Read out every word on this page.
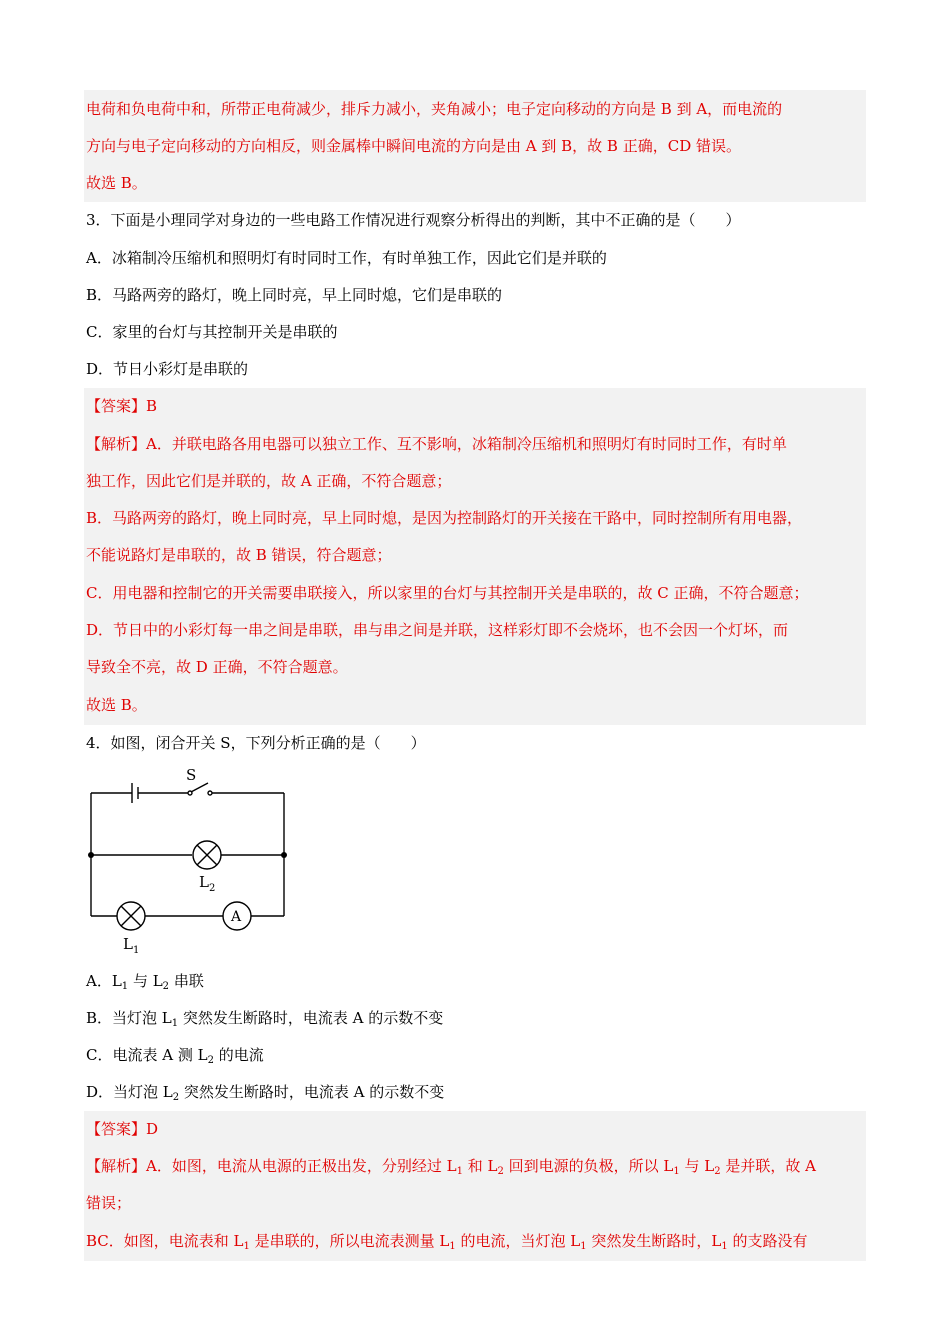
电荷和负电荷中和，所带正电荷减少，排斥力减小，夹角减小；电子定向移动的方向是 B 到 A，而电流的
方向与电子定向移动的方向相反，则金属棒中瞬间电流的方向是由 A 到 B，故 B 正确，CD 错误。
故选 B。
3．下面是小理同学对身边的一些电路工作情况进行观察分析得出的判断，其中不正确的是（　　）
A．冰箱制冷压缩机和照明灯有时同时工作，有时单独工作，因此它们是并联的
B．马路两旁的路灯，晚上同时亮，早上同时熄，它们是串联的
C．家里的台灯与其控制开关是串联的
D．节日小彩灯是串联的
【答案】B
【解析】A．并联电路各用电器可以独立工作、互不影响，冰箱制冷压缩机和照明灯有时同时工作，有时单
独工作，因此它们是并联的，故 A 正确，不符合题意；
B．马路两旁的路灯，晚上同时亮，早上同时熄，是因为控制路灯的开关接在干路中，同时控制所有用电器，
不能说路灯是串联的，故 B 错误，符合题意；
C．用电器和控制它的开关需要串联接入，所以家里的台灯与其控制开关是串联的，故 C 正确，不符合题意；
D．节日中的小彩灯每一串之间是串联，串与串之间是并联，这样彩灯即不会烧坏，也不会因一个灯坏，而
导致全不亮，故 D 正确，不符合题意。
故选 B。
4．如图，闭合开关 S，下列分析正确的是（　　）
S
$L_2$
A
$L_1$
A．$L_1$ 与 $L_2$ 串联
B．当灯泡 $L_1$ 突然发生断路时，电流表 A 的示数不变
C．电流表 A 测 $L_2$ 的电流
D．当灯泡 $L_2$ 突然发生断路时，电流表 A 的示数不变
【答案】D
【解析】A．如图，电流从电源的正极出发，分别经过 $L_1$ 和 $L_2$ 回到电源的负极，所以 $L_1$ 与 $L_2$ 是并联，故 A
错误；
BC．如图，电流表和 $L_1$ 是串联的，所以电流表测量 $L_1$ 的电流，当灯泡 $L_1$ 突然发生断路时，$L_1$ 的支路没有
